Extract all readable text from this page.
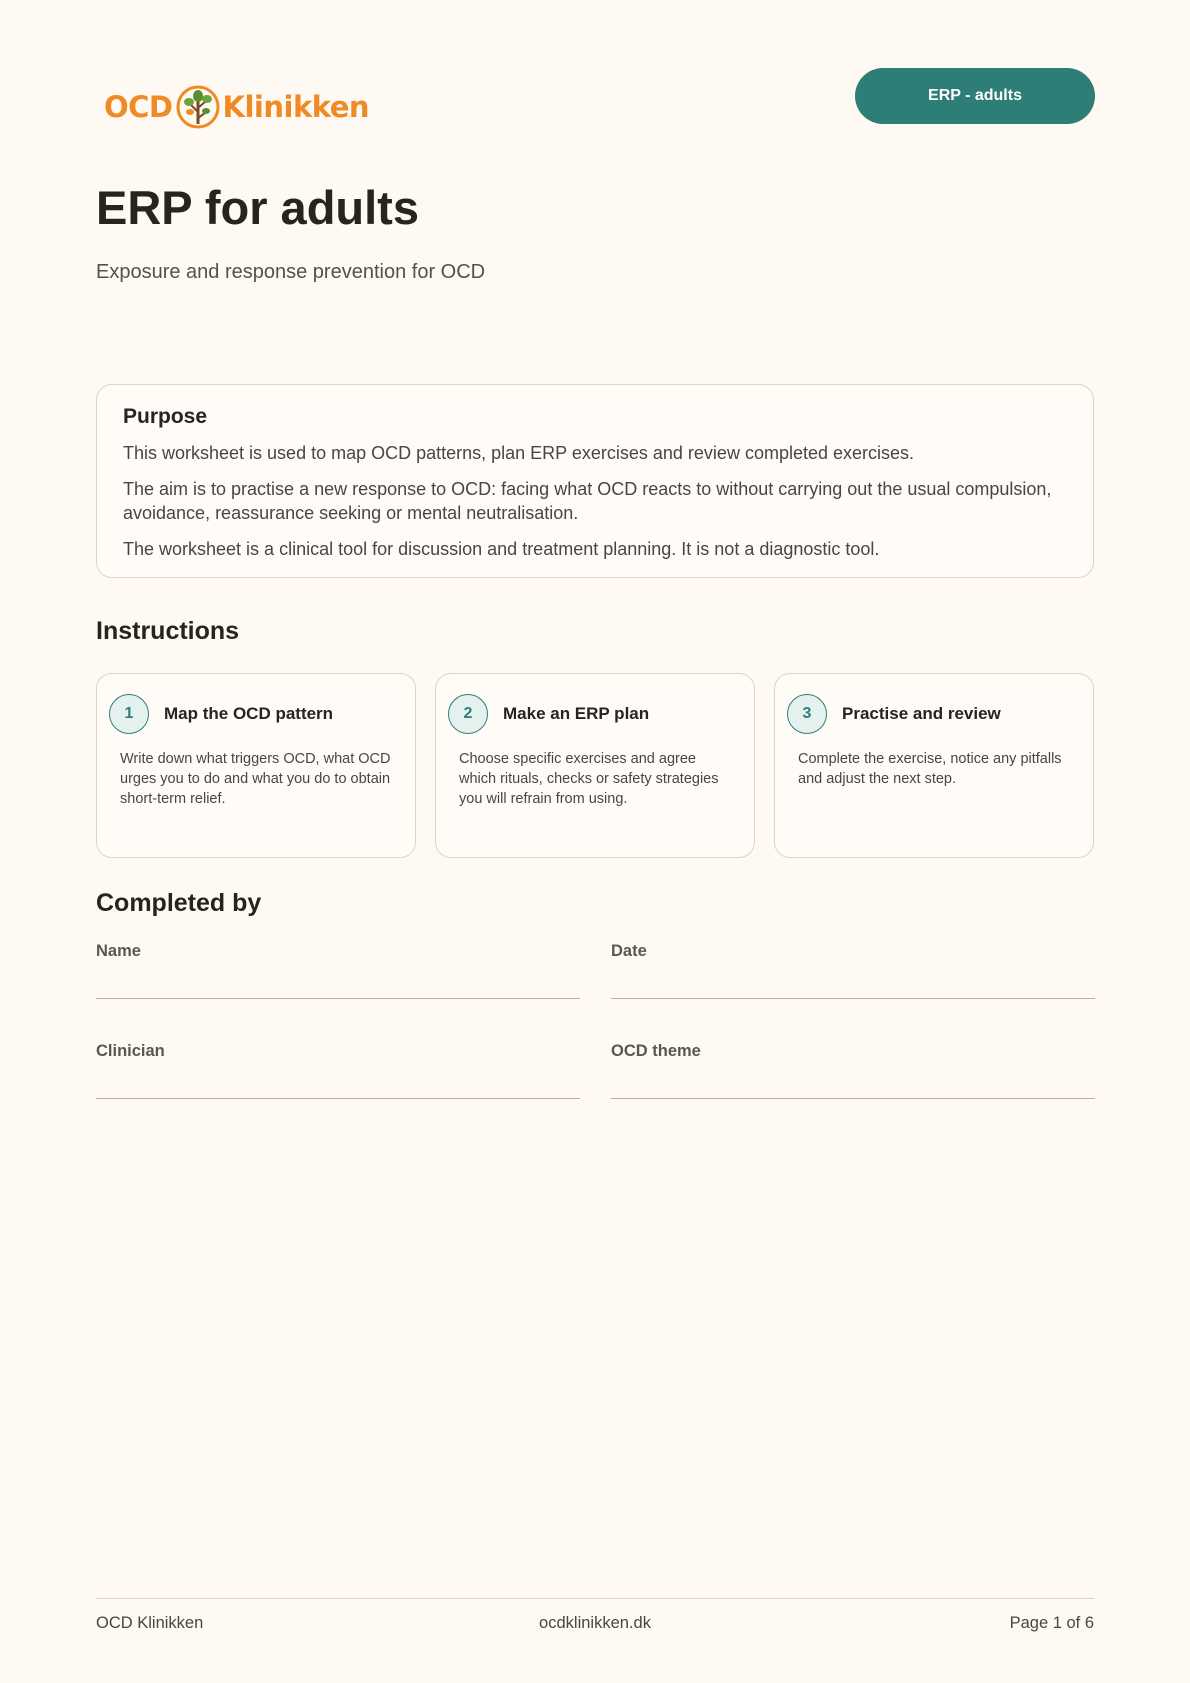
OCD Klinikken	ERP - adults
ERP for adults

Exposure and response prevention for OCD

Purpose

This worksheet is used to map OCD patterns, plan ERP exercises and review completed exercises.

The aim is to practise a new response to OCD: facing what OCD reacts to without carrying out the usual compulsion, avoidance, reassurance seeking or mental neutralisation.

The worksheet is a clinical tool for discussion and treatment planning. It is not a diagnostic tool.

Instructions
1	Map the OCD pattern

Write down what triggers OCD, what OCD urges you to do and what you do to obtain short-term relief.

2	Make an ERP plan

Choose specific exercises and agree which rituals, checks or safety strategies you will refrain from using.

3	Practise and review

Complete the exercise, notice any pitfalls and adjust the next step.

Completed by
Name	Date
Clinician	OCD theme
OCD Klinikken	ocdklinikken.dk	Page 1 of 6
